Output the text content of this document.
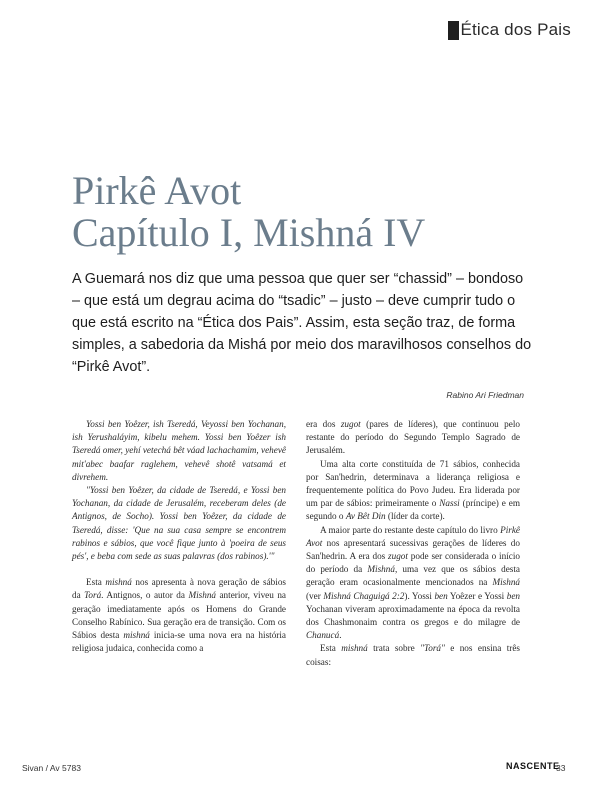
Ética dos Pais
Pirkê Avot
Capítulo I, Mishná IV

A Guemará nos diz que uma pessoa que quer ser “chassid” – bondoso – que está um degrau acima do “tsadic” – justo – deve cumprir tudo o que está escrito na “Ética dos Pais”. Assim, esta seção traz, de forma simples, a sabedoria da Mishá por meio dos maravilhosos conselhos do “Pirkê Avot”.

Rabino Ari Friedman

Yossi ben Yoêzer, ish Tseredá, Veyossi ben Yochanan, ish Yerushaláyim, kibelu mehem. Yossi ben Yoêzer ish Tseredá omer, yehí vetechá bêt váad lachachamim, vehevê mit'abec baafar raglehem, vehevê shotê vatsamá et divrehem.

"Yossi ben Yoêzer, da cidade de Tseredá, e Yossi ben Yochanan, da cidade de Jerusalém, receberam deles (de Antignos, de Socho). Yossi ben Yoêzer, da cidade de Tseredá, disse: 'Que na sua casa sempre se encontrem rabinos e sábios, que você fique junto à 'poeira de seus pés', e beba com sede as suas palavras (dos rabinos).'"

Esta mishná nos apresenta à nova geração de sábios da Torá. Antignos, o autor da Mishná anterior, viveu na geração imediatamente após os Homens do Grande Conselho Rabínico. Sua geração era de transição. Com os Sábios desta mishná inicia-se uma nova era na história religiosa judaica, conhecida como a

era dos zugot (pares de líderes), que continuou pelo restante do período do Segundo Templo Sagrado de Jerusalém.

Uma alta corte constituída de 71 sábios, conhecida por San'hedrin, determinava a liderança religiosa e frequentemente política do Povo Judeu. Era liderada por um par de sábios: primeiramente o Nassi (príncipe) e em segundo o Av Bêt Din (líder da corte).

A maior parte do restante deste capítulo do livro Pirkê Avot nos apresentará sucessivas gerações de líderes do San'hedrin. A era dos zugot pode ser considerada o início do período da Mishná, uma vez que os sábios desta geração eram ocasionalmente mencionados na Mishná (ver Mishná Chaguigá 2:2). Yossi ben Yoêzer e Yossi ben Yochanan viveram aproximadamente na época da revolta dos Chashmonaim contra os gregos e do milagre de Chanucá.

Esta mishná trata sobre "Torá" e nos ensina três coisas:

Sivan / Av 5783	NASCENTE
33
